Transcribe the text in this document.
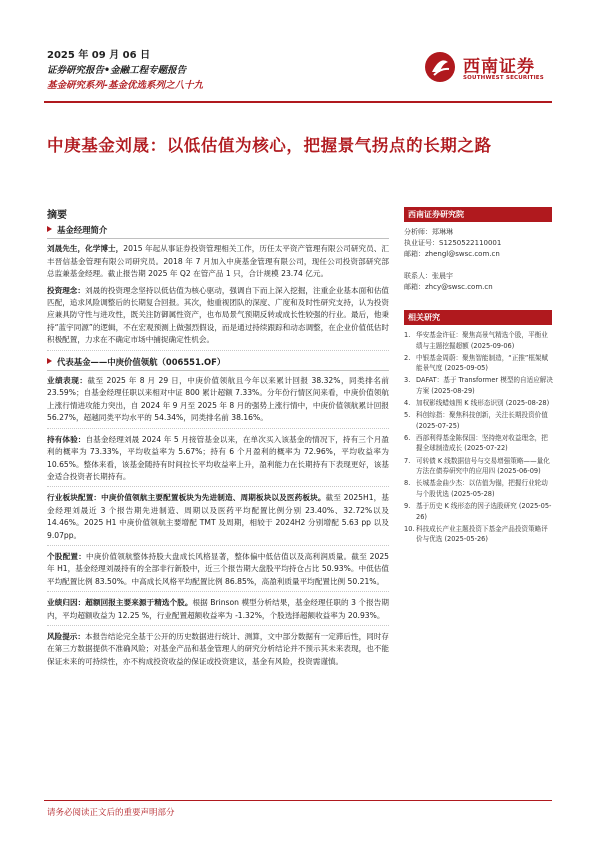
2025 年 09 月 06 日
证券研究报告•金融工程专题报告
基金研究系列-基金优选系列之八十九
西南证券
SOUTHWEST SECURITIES
中庚基金刘晟：以低估值为核心，把握景气拐点的长期之路
摘要
基金经理简介

刘晟先生，化学博士，2015 年起从事证券投资管理相关工作，历任太平资产管理有限公司研究员、汇丰晋信基金管理有限公司研究员。2018 年 7 月加入中庚基金管理有限公司，现任公司投资部研究部总监兼基金经理。截止报告期 2025 年 Q2 在管产品 1 只，合计规模 23.74 亿元。

投资理念：刘晟的投资理念坚持以低估值为核心驱动，强调自下而上深入挖掘，注重企业基本面和估值匹配，追求风险调整后的长期复合回报。其次，他重视团队的深度、广度和及时性研究支持，认为投资应兼具防守性与进攻性，既关注防御属性资产，也布局景气预期反转或成长性较强的行业。最后，他秉持“蓝宇同源”的逻辑，不在宏观预测上做强烈假设，而是通过持续跟踪和动态调整，在企业价值低估时积极配置，力求在不确定市场中捕捉确定性机会。

代表基金——中庚价值领航（006551.OF）

业绩表现：截至 2025 年 8 月 29 日，中庚价值领航且今年以来累计回报 38.32%，同类排名前 23.59%；自基金经理任职以来相对中证 800 累计超额 7.33%。分年份行情区间来看，中庚价值领航上涨行情进攻能力突出，自 2024 年 9 月至 2025 年 8 月的强势上涨行情中，中庚价值领航累计回报 56.27%，超越同类平均水平的 54.34%，同类排名前 38.16%。

持有体验：自基金经理刘晟 2024 年 5 月接管基金以来，在单次买入该基金的情况下，持有三个月盈利的概率为 73.33%，平均收益率为 5.67%；持有 6 个月盈利的概率为 72.96%，平均收益率为 10.65%。整体来看，该基金随持有时间拉长平均收益率上升，盈利能力在长期持有下表现更好，该基金适合投资者长期持有。

行业板块配置：中庚价值领航主要配置板块为先进制造、周期板块以及医药板块。截至 2025H1，基金经理刘晟近 3 个报告期先进制造、周期以及医药平均配置比例分别 23.40%、32.72%以及 14.46%。2025 H1 中庚价值领航主要增配 TMT 及周期，相较于 2024H2 分别增配 5.63 pp 以及 9.07pp。

个股配置：中庚价值领航整体持股大盘成长风格显著，整体偏中低估值以及高利润质量。截至 2025 年 H1，基金经理刘晟持有的全部非行新股中，近三个报告期大盘股平均持仓占比 50.93%。中低估值平均配置比例 83.50%。中高成长风格平均配置比例 86.85%，高盈利质量平均配置比例 50.21%。

业绩归因：超额回报主要来源于精选个股。根据 Brinson 模型分析结果，基金经理任职的 3 个报告期内，平均超额收益为 12.25 %，行业配置超额收益率为 -1.32%，个股选择超额收益率为 20.93%。

风险提示：本报告结论完全基于公开的历史数据进行统计、测算，文中部分数据有一定滞后性，同时存在第三方数据提供不准确风险；对基金产品和基金管理人的研究分析结论并不预示其未来表现，也不能保证未来的可持续性，亦不构成投资收益的保证或投资建议，基金有风险，投资需谨慎。

西南证券研究院
分析师：郑琳琳
执业证号：S1250522110001
邮箱：zhengl@swsc.com.cn
联系人：张晨宇
邮箱：zhcy@swsc.com.cn
相关研究
1. 华安基金许征：聚焦高景气精选个股，平衡业绩与主题挖掘超额 (2025-09-06)
2. 中银基金周蔚：聚焦智能制造，“正推”框架赋能景气度 (2025-09-05)
3. DAFAT：基于 Transformer 模型的自适应解决方案 (2025-08-29)
4. 加权影线蜡烛图 K 线形态识别 (2025-08-28)
5. 科创综指：聚焦科技创新，关注长期投资价值 (2025-07-25)
6. 西部利得基金陈保国：坚持绝对收益理念，把握全球制造成长 (2025-07-22)
7. 可转债 K 线数据信号与交易增强策略——量化方法在债券研究中的应用四 (2025-06-09)
8. 长城基金曲少杰：以估值为锚，把握行业轮动与个股优选 (2025-05-28)
9. 基于历史 K 线形态的因子选股研究 (2025-05-26)
10. 科技成长产业主题投资下基金产品投资策略评价与优选 (2025-05-26)
请务必阅读正文后的重要声明部分
